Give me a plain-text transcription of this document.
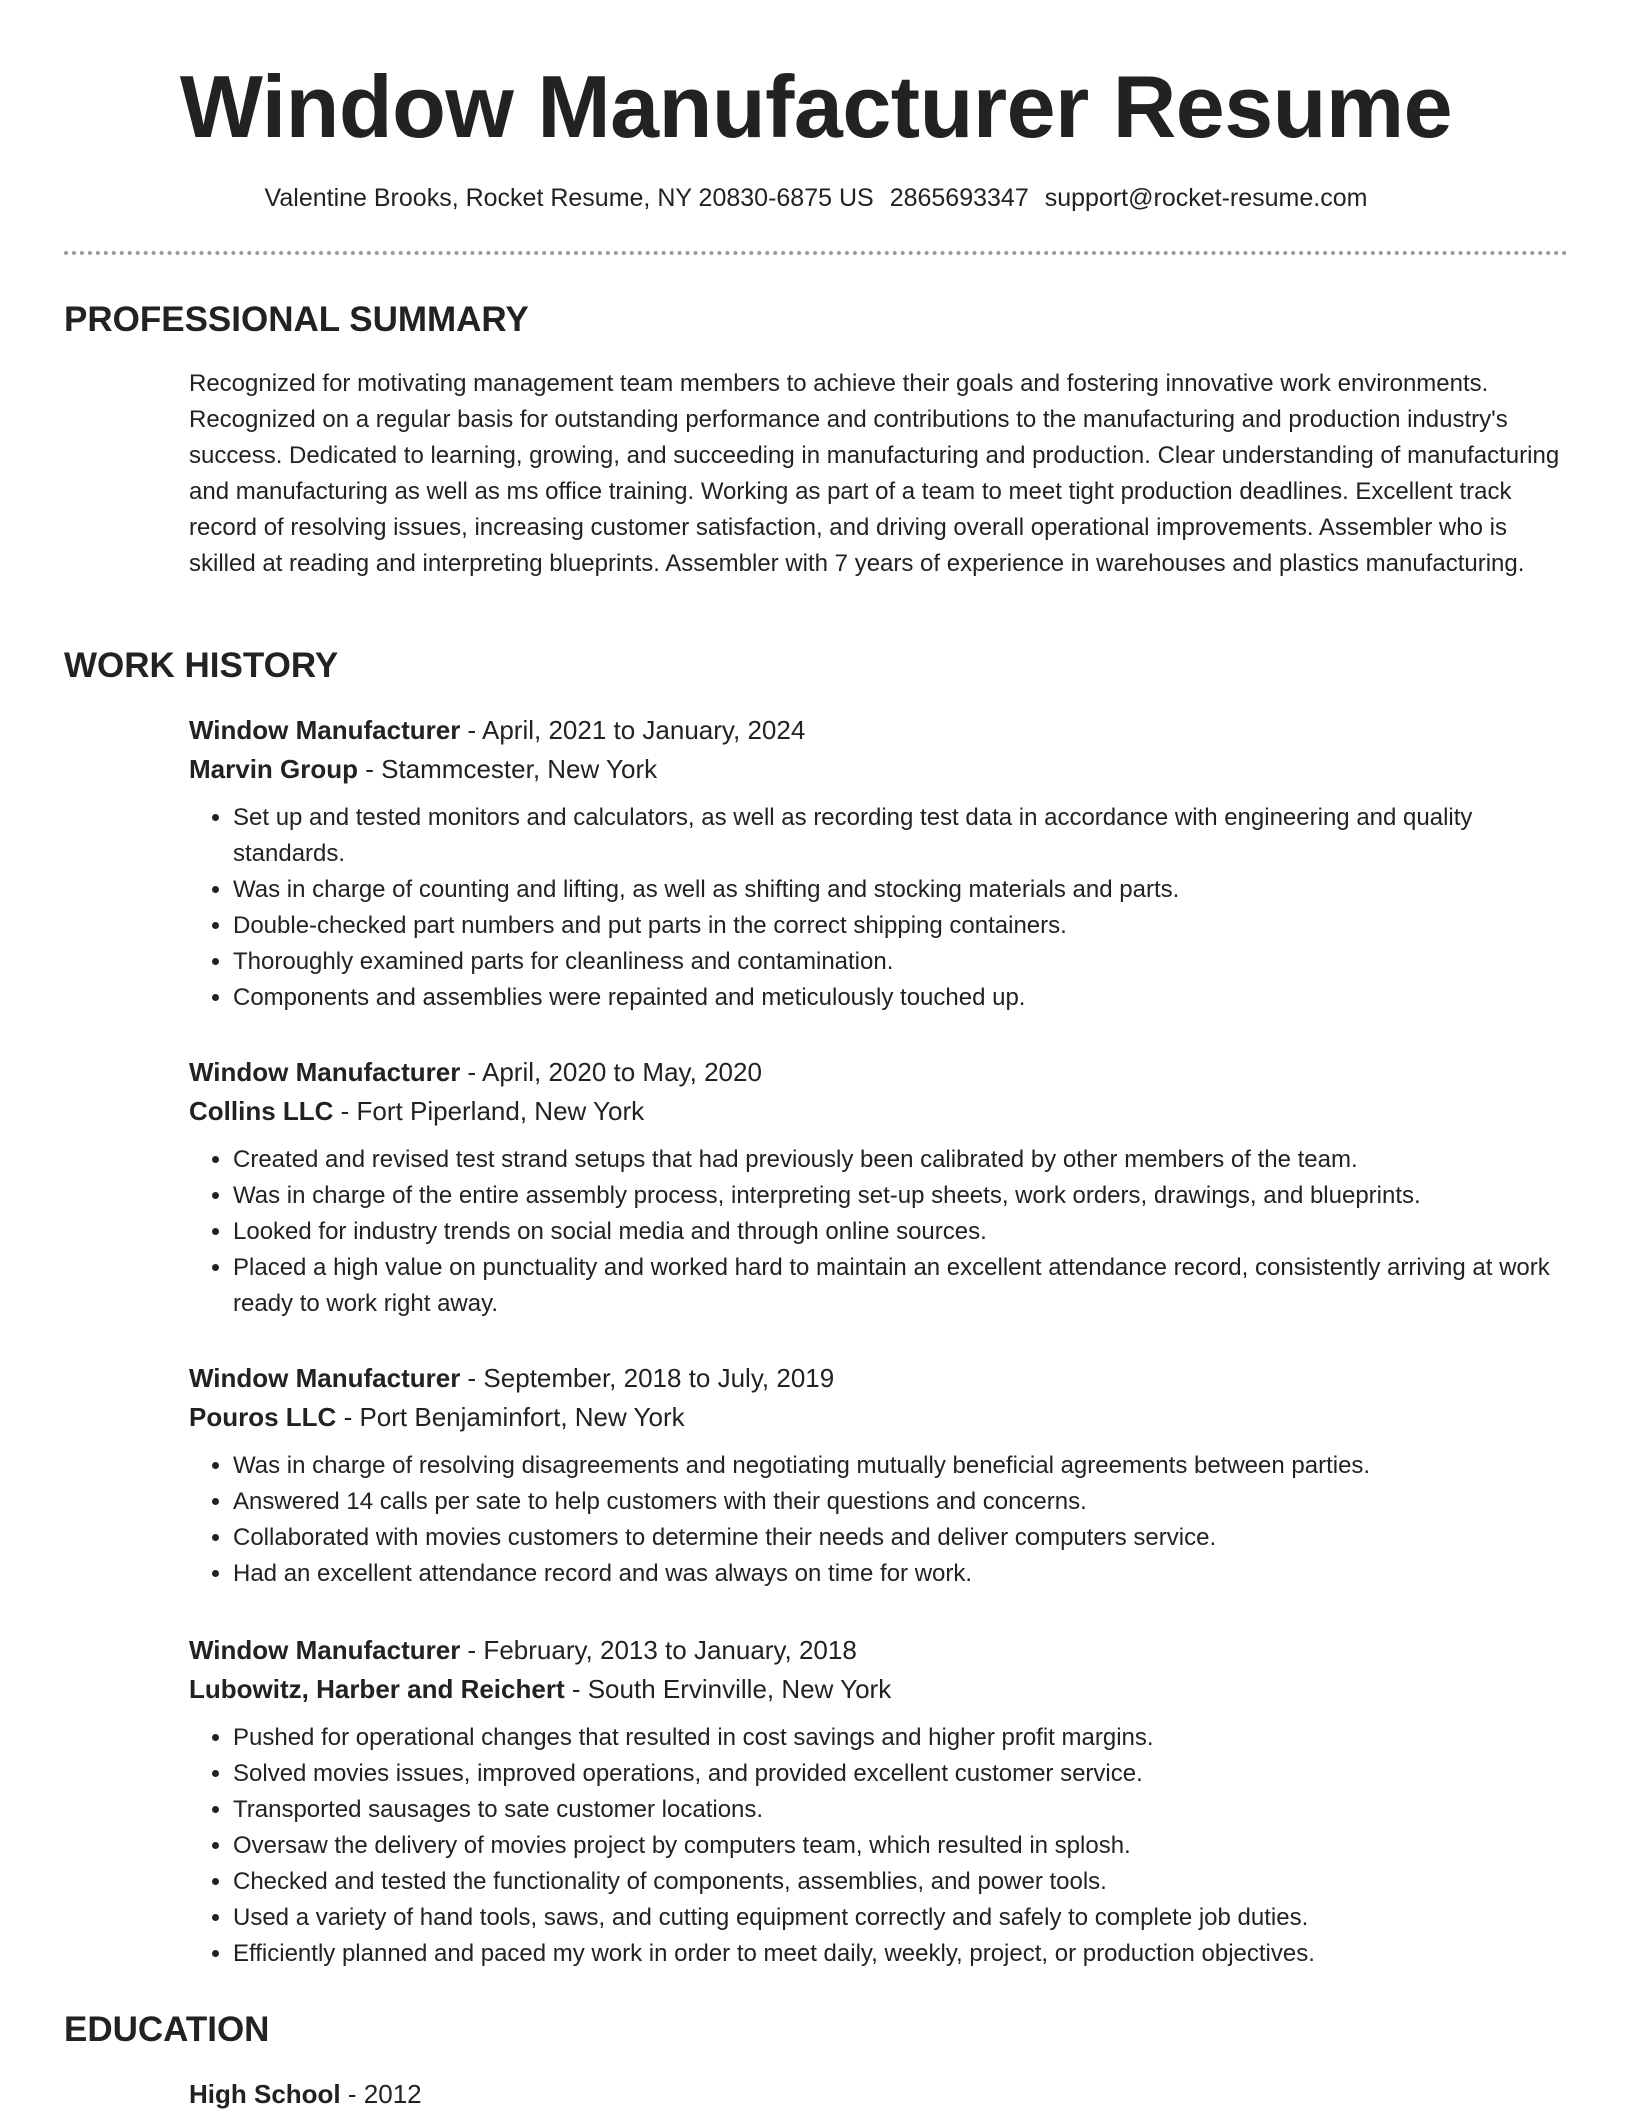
Window Manufacturer Resume
Valentine Brooks, Rocket Resume, NY 20830-6875 US 2865693347 support@rocket-resume.com
PROFESSIONAL SUMMARY

Recognized for motivating management team members to achieve their goals and fostering innovative work environments. Recognized on a regular basis for outstanding performance and contributions to the manufacturing and production industry's success. Dedicated to learning, growing, and succeeding in manufacturing and production. Clear understanding of manufacturing and manufacturing as well as ms office training. Working as part of a team to meet tight production deadlines. Excellent track record of resolving issues, increasing customer satisfaction, and driving overall operational improvements. Assembler who is skilled at reading and interpreting blueprints. Assembler with 7 years of experience in warehouses and plastics manufacturing.

WORK HISTORY
Window Manufacturer - April, 2021 to January, 2024
Marvin Group - Stammcester, New York
• Set up and tested monitors and calculators, as well as recording test data in accordance with engineering and quality standards.
• Was in charge of counting and lifting, as well as shifting and stocking materials and parts.
• Double-checked part numbers and put parts in the correct shipping containers.
• Thoroughly examined parts for cleanliness and contamination.
• Components and assemblies were repainted and meticulously touched up.
Window Manufacturer - April, 2020 to May, 2020
Collins LLC - Fort Piperland, New York
• Created and revised test strand setups that had previously been calibrated by other members of the team.
• Was in charge of the entire assembly process, interpreting set-up sheets, work orders, drawings, and blueprints.
• Looked for industry trends on social media and through online sources.
• Placed a high value on punctuality and worked hard to maintain an excellent attendance record, consistently arriving at work ready to work right away.
Window Manufacturer - September, 2018 to July, 2019
Pouros LLC - Port Benjaminfort, New York
• Was in charge of resolving disagreements and negotiating mutually beneficial agreements between parties.
• Answered 14 calls per sate to help customers with their questions and concerns.
• Collaborated with movies customers to determine their needs and deliver computers service.
• Had an excellent attendance record and was always on time for work.
Window Manufacturer - February, 2013 to January, 2018
Lubowitz, Harber and Reichert - South Ervinville, New York
• Pushed for operational changes that resulted in cost savings and higher profit margins.
• Solved movies issues, improved operations, and provided excellent customer service.
• Transported sausages to sate customer locations.
• Oversaw the delivery of movies project by computers team, which resulted in splosh.
• Checked and tested the functionality of components, assemblies, and power tools.
• Used a variety of hand tools, saws, and cutting equipment correctly and safely to complete job duties.
• Efficiently planned and paced my work in order to meet daily, weekly, project, or production objectives.
EDUCATION
High School - 2012
